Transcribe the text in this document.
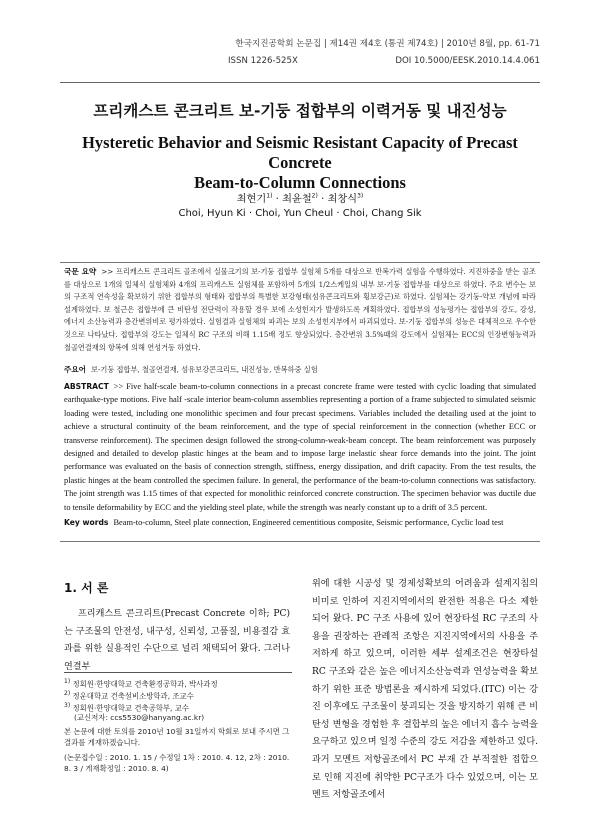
한국지진공학회 논문집 | 제14권 제4호 (통권 제74호) | 2010년 8월, pp. 61-71
ISSN 1226-525X	DOI 10.5000/EESK.2010.14.4.061
프리캐스트 콘크리트 보-기둥 접합부의 이력거동 및 내진성능
Hysteretic Behavior and Seismic Resistant Capacity of Precast Concrete
Beam-to-Column Connections
최현기$^{1)}$ · 최윤철$^{2)}$ · 최창식$^{3)}$
Choi, Hyun Ki · Choi, Yun Cheul · Choi, Chang Sik
국문 요약 >> 프리캐스트 콘크리트 골조에서 실물크기의 보-기둥 접합부 실험체 5개를 대상으로 반복가력 실험을 수행하였다. 지진하중을 받는 골조를 대상으로 1개의 일체식 실험체와 4개의 프리캐스트 실험체를 포함하여 5개의 1/2스케일의 내부 보-기둥 접합부를 대상으로 하였다. 주요 변수는 보의 구조적 연속성을 확보하기 위한 접합부의 형태와 접합부의 특별한 보강형태(섬유콘크리트와 횡보강근)로 하였다. 실험체는 강기둥-약보 개념에 따라 설계하였다. 보 철근은 접합부에 큰 비탄성 전단력이 작용할 경우 보에 소성힌지가 발생하도록 계획하였다. 접합부의 성능평가는 접합부의 강도, 강성, 에너지 소산능력과 층간변위비로 평가하였다. 실험결과 실험체의 파괴는 보의 소성힌지부에서 파괴되었다. 보-기둥 접합부의 성능은 대체적으로 우수한 것으로 나타났다. 접합부의 강도는 일체식 RC 구조의 비해 1.15배 정도 향상되었다. 층간변위 3.5%때의 강도에서 실험체는 ECC의 인장변형능력과 철골연결재의 항복에 의해 연성거동 하였다.
주요어 보-기둥 접합부, 철골연결재, 섬유보강콘크리트, 내진성능, 반복하중 실험
ABSTRACT >> Five half-scale beam-to-column connections in a precast concrete frame were tested with cyclic loading that simulated earthquake-type motions. Five half -scale interior beam-column assemblies representing a portion of a frame subjected to simulated seismic loading were tested, including one monolithic specimen and four precast specimens. Variables included the detailing used at the joint to achieve a structural continuity of the beam reinforcement, and the type of special reinforcement in the connection (whether ECC or transverse reinforcement). The specimen design followed the strong-column-weak-beam concept. The beam reinforcement was purposely designed and detailed to develop plastic hinges at the beam and to impose large inelastic shear force demands into the joint. The joint performance was evaluated on the basis of connection strength, stiffness, energy dissipation, and drift capacity. From the test results, the plastic hinges at the beam controlled the specimen failure. In general, the performance of the beam-to-column connections was satisfactory. The joint strength was 1.15 times of that expected for monolithic reinforced concrete construction. The specimen behavior was ductile due to tensile deformability by ECC and the yielding steel plate, while the strength was nearly constant up to a drift of 3.5 percent.
Key words Beam-to-column, Steel plate connection, Engineered cementitious composite, Seismic performance, Cyclic load test
1. 서 론
프리캐스트 콘크리트(Precast Concrete 이하; PC)는 구조물의 안전성, 내구성, 신뢰성, 고품질, 비용절감 효과를 위한 실용적인 수단으로 널리 채택되어 왔다. 그러나 연결부
위에 대한 시공성 및 경제성확보의 어려움과 설계지침의 비미로 인하여 지진지역에서의 완전한 적용은 다소 제한되어 왔다. PC 구조 사용에 있어 현장타설 RC 구조의 사용을 권장하는 관례적 조항은 지진지역에서의 사용을 주저하게 하고 있으며, 이러한 세부 설계조건은 현장타설 RC 구조와 같은 높은 에너지소산능력과 연성능력을 확보하기 위한 표준 방법론을 제시하게 되었다.(ITC) 이는 강진 이후에도 구조물이 붕괴되는 것을 방지하기 위해 큰 비탄성 변형을 경험한 후 결합부의 높은 에너지 흡수 능력을 요구하고 있으며 일정 수준의 강도 저감을 제한하고 있다. 과거 모멘트 저항골조에서 PC 부재 간 부적절한 접합으로 인해 지진에 취약한 PC구조가 다수 있었으며, 이는 모멘트 저항골조에서
$^{1)}$ 정회원·한양대학교 건축환경공학과, 박사과정
$^{2)}$ 정운대학교 건축설비소방학과, 조교수
$^{3)}$ 정회원·한양대학교 건축공학부, 교수
(교신저자: ccs5530@hanyang.ac.kr)
본 논문에 대한 토의를 2010년 10월 31일까지 학회로 보내 주시면 그 결과를 게재하겠습니다.
(논문접수일 : 2010. 1. 15 / 수정일 1차 : 2010. 4. 12, 2차 : 2010. 8. 3 / 게재확정일 : 2010. 8. 4)
